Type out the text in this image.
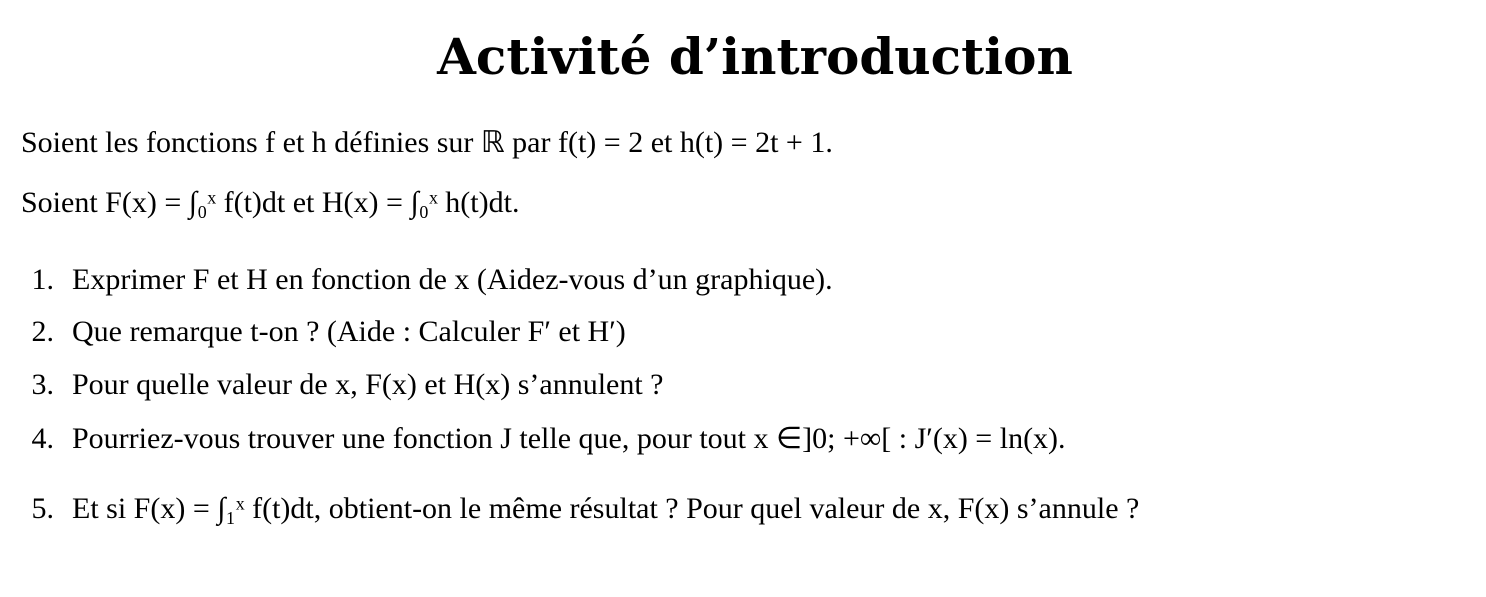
Activité d’introduction
Soient les fonctions f et h définies sur ℝ par f(t) = 2 et h(t) = 2t + 1.
Soient F(x) = ∫₀ˣ f(t)dt et H(x) = ∫₀ˣ h(t)dt.
1. Exprimer F et H en fonction de x (Aidez-vous d’un graphique).
2. Que remarque t-on ? (Aide : Calculer F′ et H′)
3. Pour quelle valeur de x, F(x) et H(x) s’annulent ?
4. Pourriez-vous trouver une fonction J telle que, pour tout x ∈]0; +∞[ : J′(x) = ln(x).
5. Et si F(x) = ∫₁ˣ f(t)dt, obtient-on le même résultat ? Pour quel valeur de x, F(x) s’annule ?
